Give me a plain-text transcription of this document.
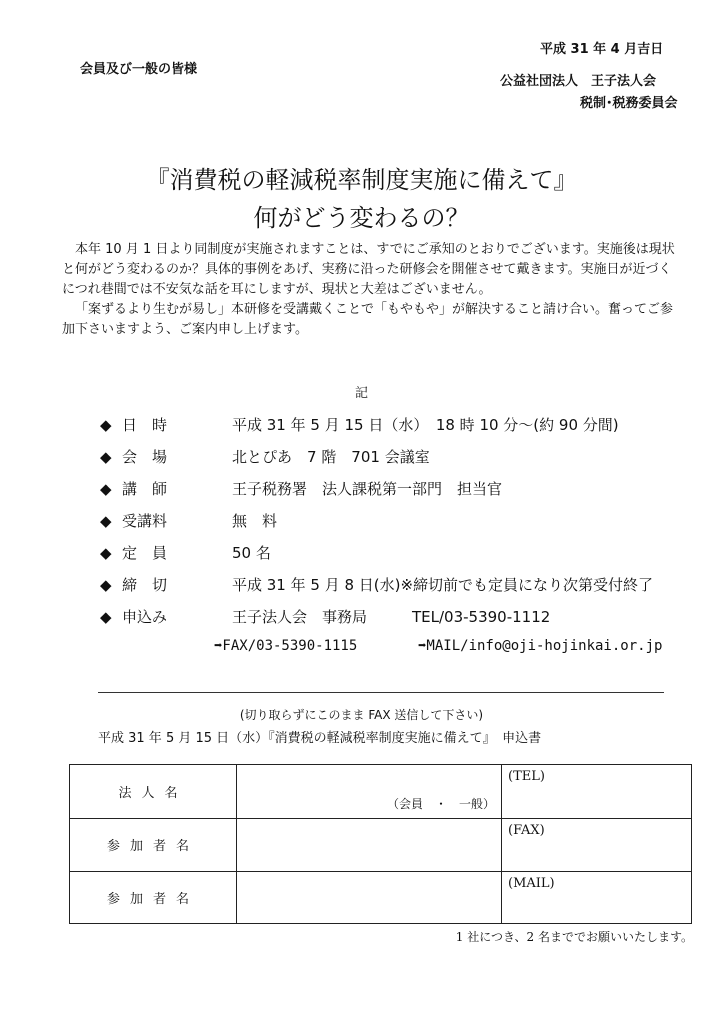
平成 31 年 4 月吉日
会員及び一般の皆様
公益社団法人　王子法人会
税制･税務委員会
『消費税の軽減税率制度実施に備えて』
何がどう変わるの？

本年 10 月 1 日より同制度が実施されますことは、すでにご承知のとおりでございます。実施後は現状と何がどう変わるのか？具体的事例をあげ、実務に沿った研修会を開催させて戴きます。実施日が近づくにつれ巷間では不安気な話を耳にしますが、現状と大差はございません。

「案ずるより生むが易し」本研修を受講戴くことで「もやもや」が解決すること請け合い。奮ってご参加下さいますよう、ご案内申し上げます。

記
◆ 日　時	平成 31 年 5 月 15 日（水）　18 時 10 分～(約 90 分間)
◆ 会　場	北とぴあ　7 階　701 会議室
◆ 講　師	王子税務署　法人課税第一部門　担当官
◆ 受講料	無　料
◆ 定　員	50 名
◆ 締　切	平成 31 年 5 月 8 日(水)※締切前でも定員になり次第受付終了
◆ 申込み	王子法人会　事務局　　　TEL/03-5390-1112
➡FAX/03-5390-1115	➡MAIL/info@oji-hojinkai.or.jp
(切り取らずにこのまま FAX 送信して下さい)
平成 31 年 5 月 15 日（水）『消費税の軽減税率制度実施に備えて』　申込書
法人名	（会員　・　一般）	(TEL)
参加者名		(FAX)
参加者名		(MAIL)
1 社につき、2 名まででお願いいたします。
